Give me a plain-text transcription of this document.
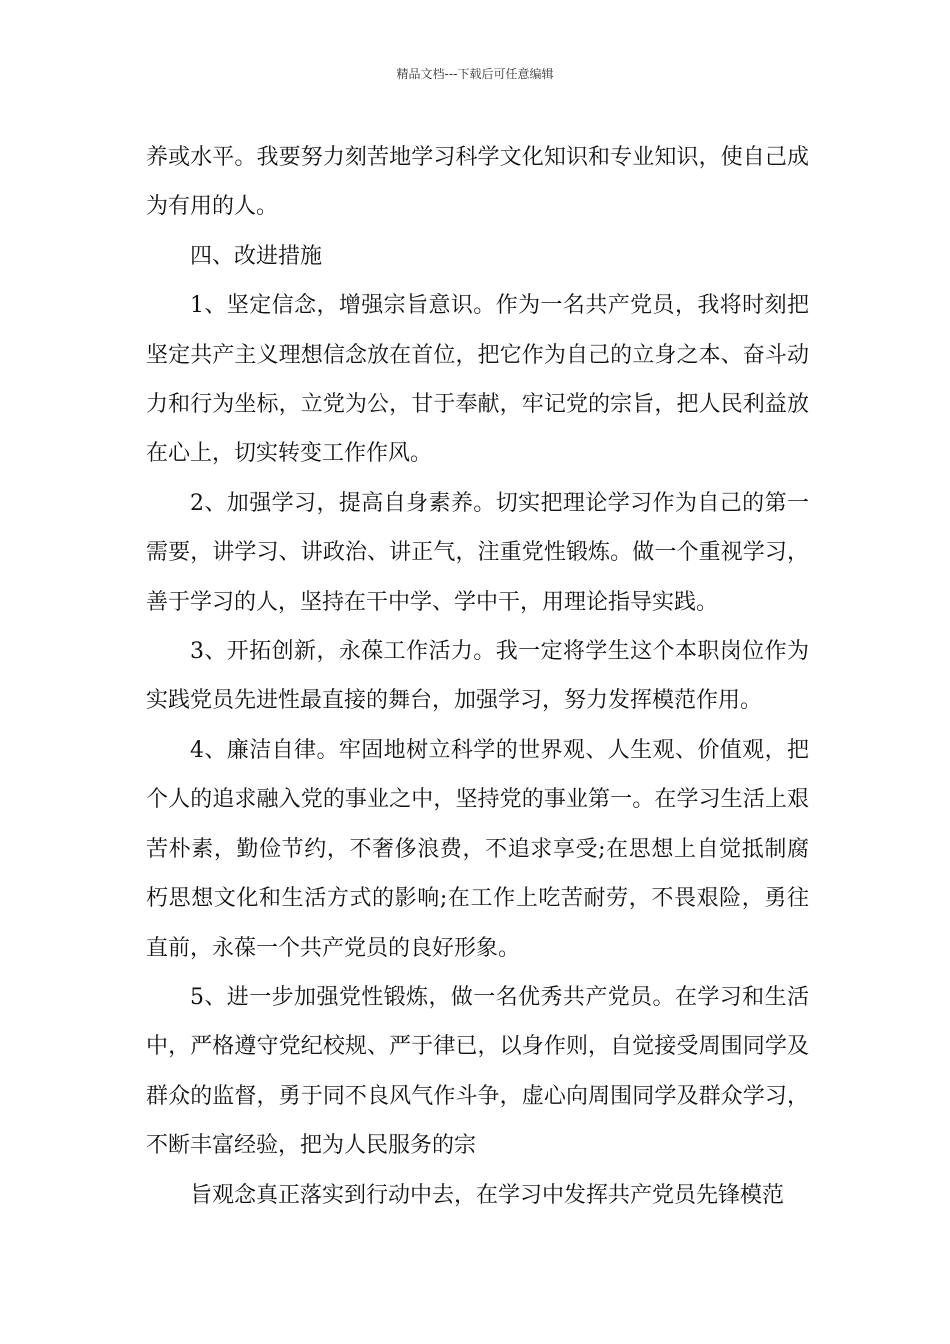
精品文档---下载后可任意编辑

养或水平。我要努力刻苦地学习科学文化知识和专业知识，使自己成为有用的人。

四、改进措施

1、坚定信念，增强宗旨意识。作为一名共产党员，我将时刻把坚定共产主义理想信念放在首位，把它作为自己的立身之本、奋斗动力和行为坐标，立党为公，甘于奉献，牢记党的宗旨，把人民利益放在心上，切实转变工作作风。

2、加强学习，提高自身素养。切实把理论学习作为自己的第一需要，讲学习、讲政治、讲正气，注重党性锻炼。做一个重视学习，善于学习的人，坚持在干中学、学中干，用理论指导实践。

3、开拓创新，永葆工作活力。我一定将学生这个本职岗位作为实践党员先进性最直接的舞台，加强学习，努力发挥模范作用。

4、廉洁自律。牢固地树立科学的世界观、人生观、价值观，把个人的追求融入党的事业之中，坚持党的事业第一。在学习生活上艰苦朴素，勤俭节约，不奢侈浪费，不追求享受;在思想上自觉抵制腐朽思想文化和生活方式的影响;在工作上吃苦耐劳，不畏艰险，勇往直前，永葆一个共产党员的良好形象。

5、进一步加强党性锻炼，做一名优秀共产党员。在学习和生活中，严格遵守党纪校规、严于律已，以身作则，自觉接受周围同学及群众的监督，勇于同不良风气作斗争，虚心向周围同学及群众学习，不断丰富经验，把为人民服务的宗

旨观念真正落实到行动中去，在学习中发挥共产党员先锋模范
